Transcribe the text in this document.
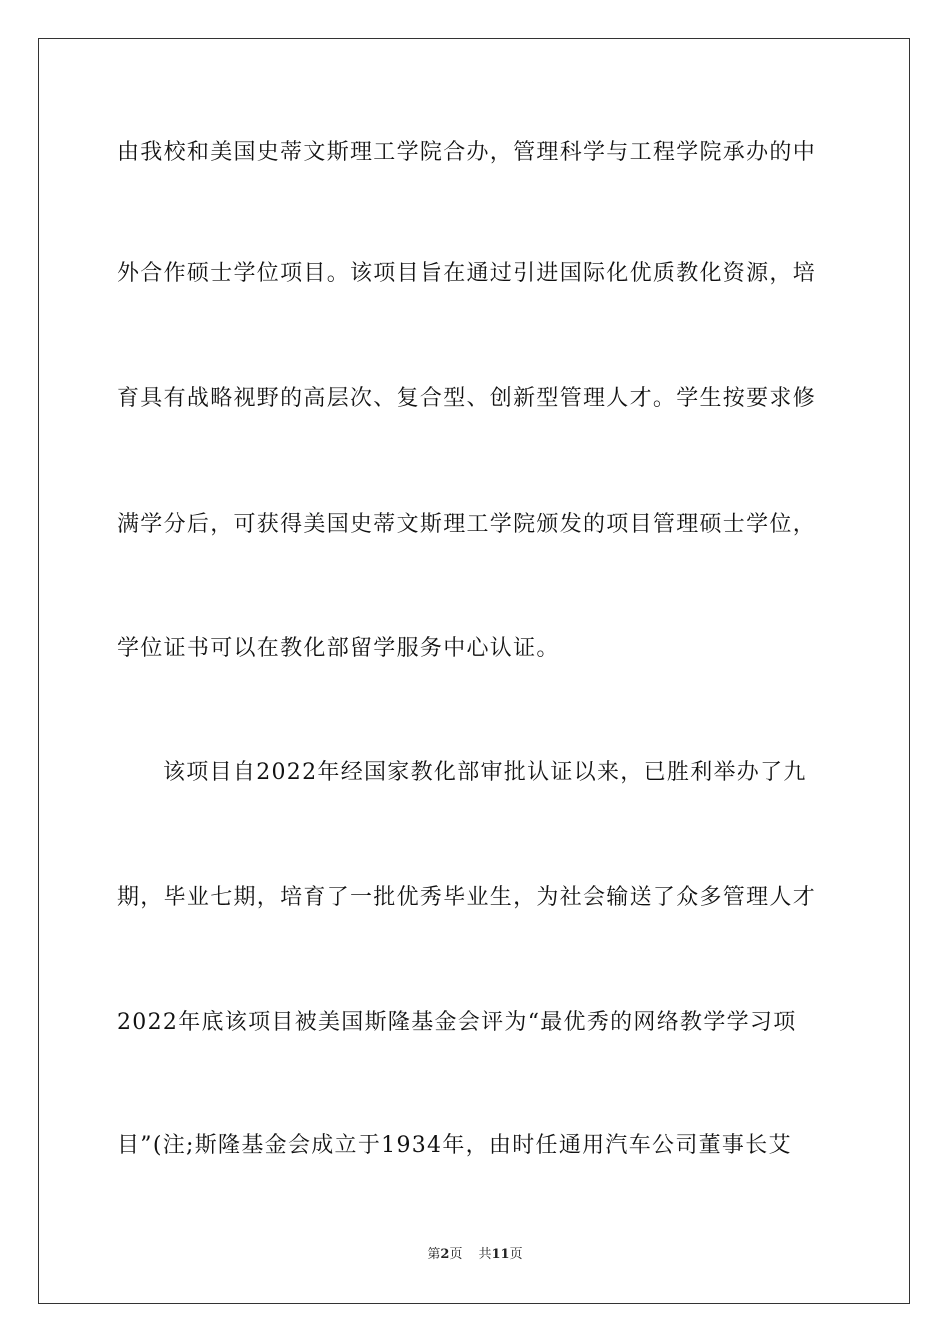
由我校和美国史蒂文斯理工学院合办，管理科学与工程学院承办的中
外合作硕士学位项目。该项目旨在通过引进国际化优质教化资源，培
育具有战略视野的高层次、复合型、创新型管理人才。学生按要求修
满学分后，可获得美国史蒂文斯理工学院颁发的项目管理硕士学位，
学位证书可以在教化部留学服务中心认证。
该项目自2022年经国家教化部审批认证以来，已胜利举办了九
期，毕业七期，培育了一批优秀毕业生，为社会输送了众多管理人才
2022年底该项目被美国斯隆基金会评为“最优秀的网络教学学习项
目”(注;斯隆基金会成立于1934年，由时任通用汽车公司董事长艾
第2页 共11页
